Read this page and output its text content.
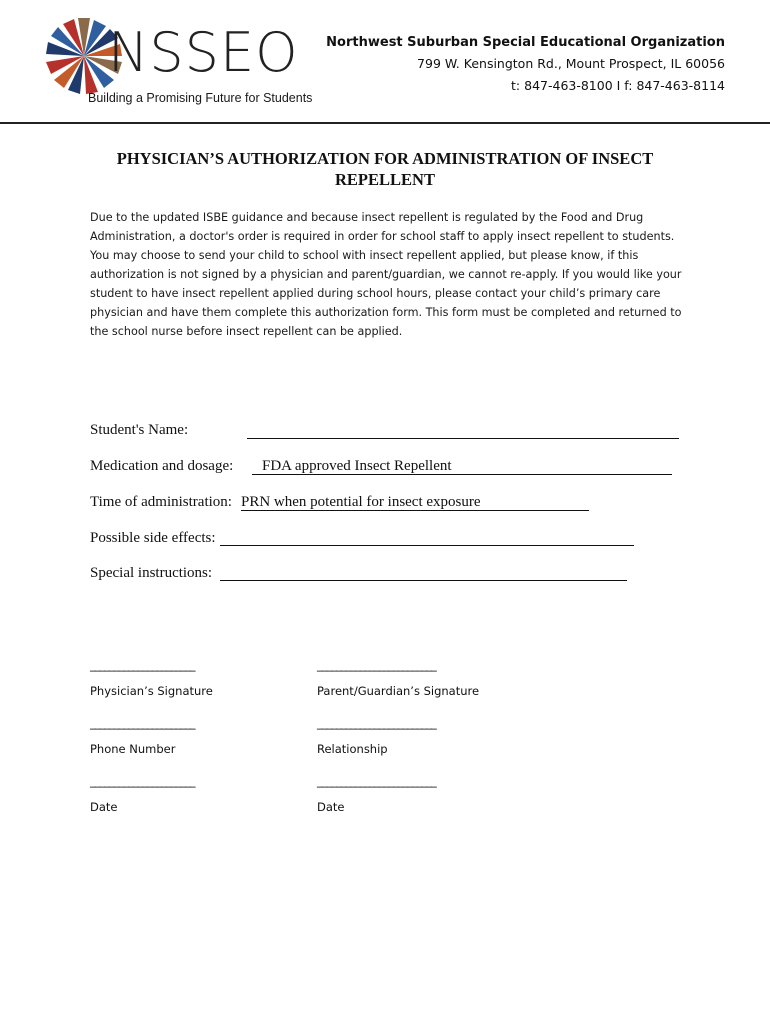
NSSEO
Building a Promising Future for Students
Northwest Suburban Special Educational Organization
799 W. Kensington Rd., Mount Prospect, IL 60056
t: 847-463-8100 I f: 847-463-8114
PHYSICIAN’S AUTHORIZATION FOR ADMINISTRATION OF INSECT REPELLENT
Due to the updated ISBE guidance and because insect repellent is regulated by the Food and Drug Administration, a doctor's order is required in order for school staff to apply insect repellent to students. You may choose to send your child to school with insect repellent applied, but please know, if this authorization is not signed by a physician and parent/guardian, we cannot re-apply. If you would like your student to have insect repellent applied during school hours, please contact your child’s primary care physician and have them complete this authorization form. This form must be completed and returned to the school nurse before insect repellent can be applied.
Student's Name:
Medication and dosage: FDA approved Insect Repellent
Time of administration: PRN when potential for insect exposure
Possible side effects:
Special instructions:
______________________	_________________________
Physician’s Signature	Parent/Guardian’s Signature
______________________	_________________________
Phone Number	Relationship
______________________	_________________________
Date	Date
